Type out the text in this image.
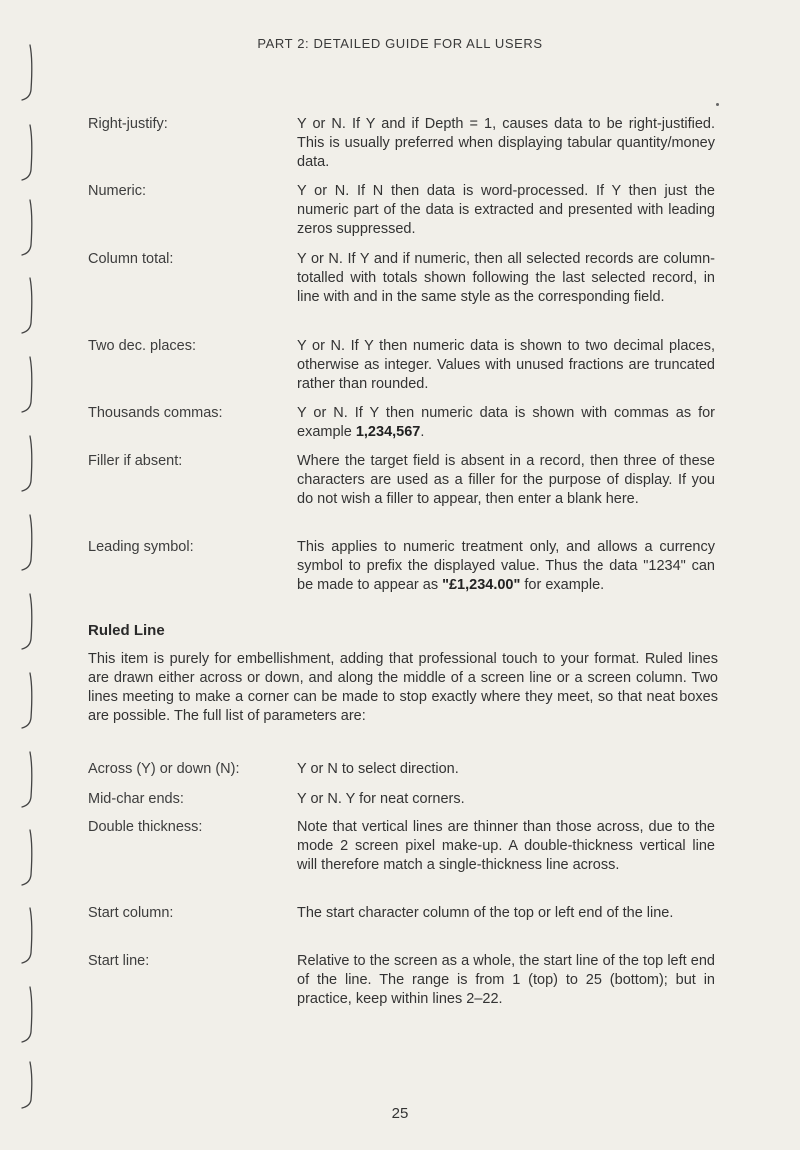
PART 2: DETAILED GUIDE FOR ALL USERS
Right-justify:	Y or N. If Y and if Depth = 1, causes data to be right-justified. This is usually preferred when displaying tabular quantity/money data.
Numeric:	Y or N. If N then data is word-processed. If Y then just the numeric part of the data is extracted and presented with leading zeros suppressed.
Column total:	Y or N. If Y and if numeric, then all selected records are column-totalled with totals shown following the last selected record, in line with and in the same style as the corresponding field.
Two dec. places:	Y or N. If Y then numeric data is shown to two decimal places, otherwise as integer. Values with unused fractions are truncated rather than rounded.
Thousands commas:	Y or N. If Y then numeric data is shown with commas as for example 1,234,567.
Filler if absent:	Where the target field is absent in a record, then three of these characters are used as a filler for the purpose of display. If you do not wish a filler to appear, then enter a blank here.
Leading symbol:	This applies to numeric treatment only, and allows a currency symbol to prefix the displayed value. Thus the data "1234" can be made to appear as "£1,234.00" for example.
Ruled Line
This item is purely for embellishment, adding that professional touch to your format. Ruled lines are drawn either across or down, and along the middle of a screen line or a screen column. Two lines meeting to make a corner can be made to stop exactly where they meet, so that neat boxes are possible. The full list of parameters are:
Across (Y) or down (N):	Y or N to select direction.
Mid-char ends:	Y or N. Y for neat corners.
Double thickness:	Note that vertical lines are thinner than those across, due to the mode 2 screen pixel make-up. A double-thickness vertical line will therefore match a single-thickness line across.
Start column:	The start character column of the top or left end of the line.
Start line:	Relative to the screen as a whole, the start line of the top left end of the line. The range is from 1 (top) to 25 (bottom); but in practice, keep within lines 2–22.
25
